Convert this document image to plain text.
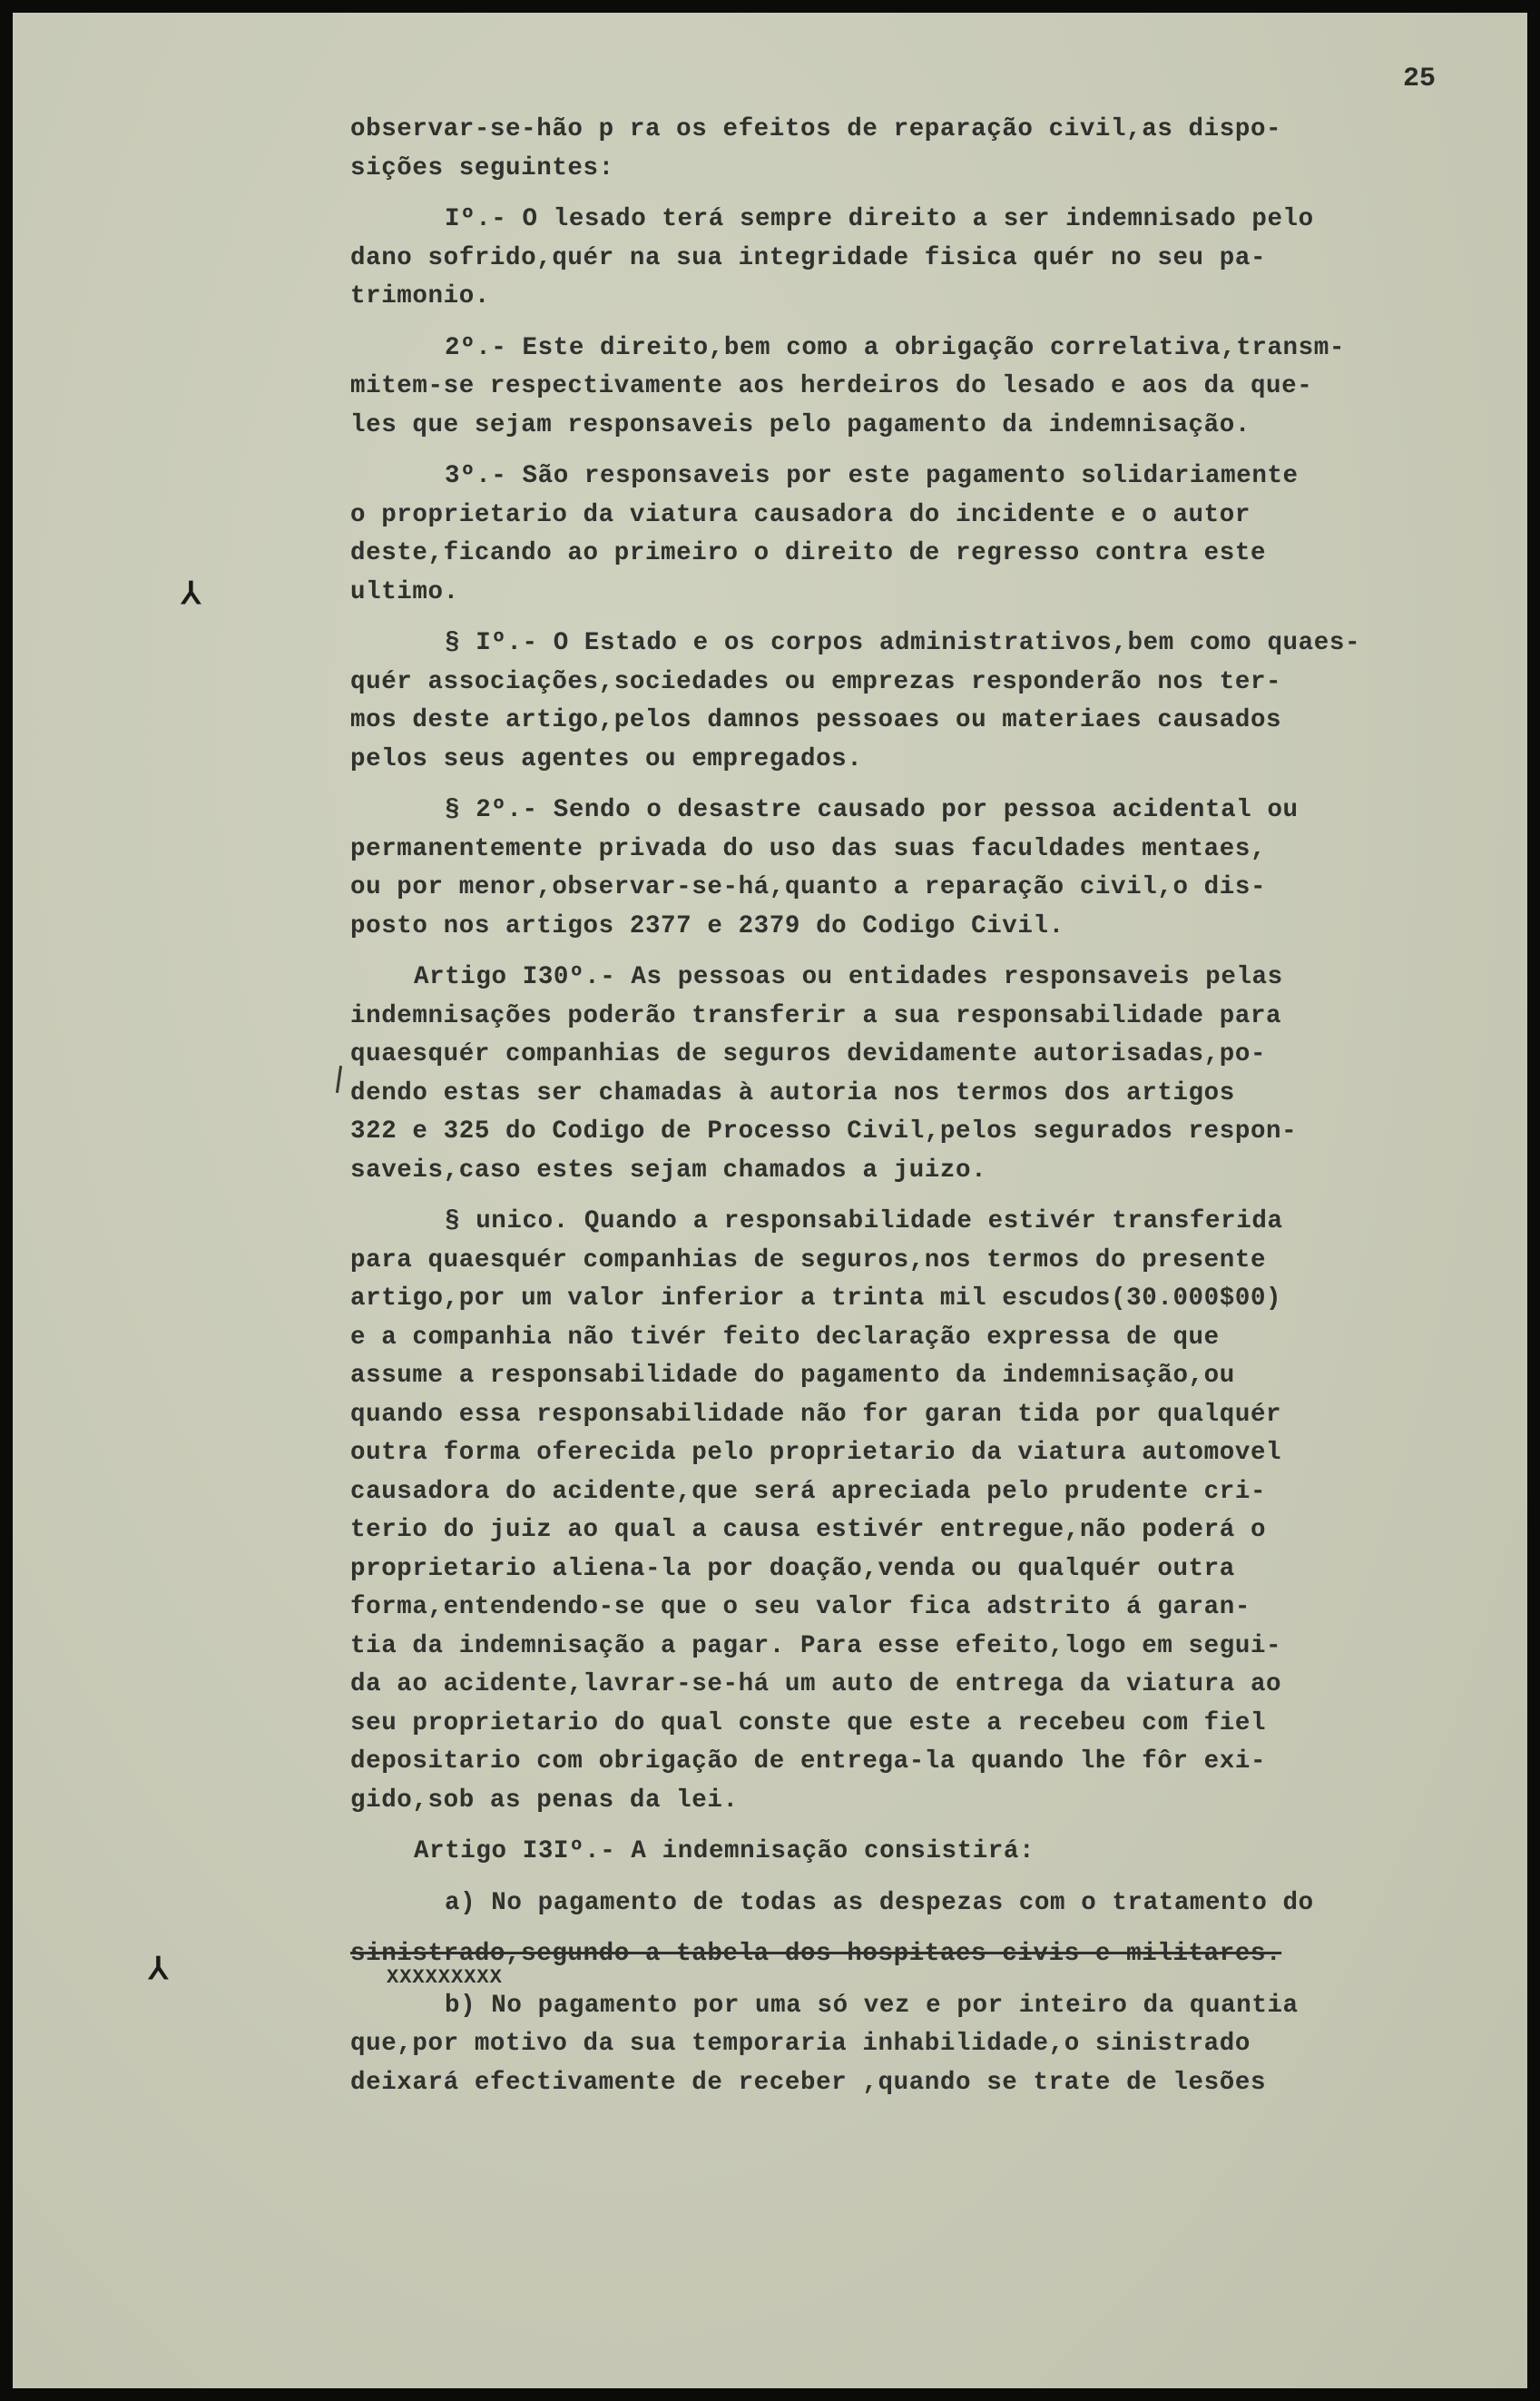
25
⅄
⅄
observar-se-hão p ra os efeitos de reparação civil,as dispo-
sições seguintes:
Iº.- O lesado terá sempre direito a ser indemnisado pelo
dano sofrido,quér na sua integridade fisica quér no seu pa-
trimonio.
2º.- Este direito,bem como a obrigação correlativa,transm-
mitem-se respectivamente aos herdeiros do lesado e aos da que-
les que sejam responsaveis pelo pagamento da indemnisação.
3º.- São responsaveis por este pagamento solidariamente
o proprietario da viatura causadora do incidente e o autor
deste,ficando ao primeiro o direito de regresso contra este
ultimo.
§ Iº.- O Estado e os corpos administrativos,bem como quaes-
quér associações,sociedades ou emprezas responderão nos ter-
mos deste artigo,pelos damnos pessoaes ou materiaes causados
pelos seus agentes ou empregados.
§ 2º.- Sendo o desastre causado por pessoa acidental ou
permanentemente privada do uso das suas faculdades mentaes,
ou por menor,observar-se-há,quanto a reparação civil,o dis-
posto nos artigos 2377 e 2379 do Codigo Civil.
Artigo I30º.- As pessoas ou entidades responsaveis pelas
indemnisações poderão transferir a sua responsabilidade para
quaesquér companhias de seguros devidamente autorisadas,po-
dendo estas ser chamadas à autoria nos termos dos artigos
322 e 325 do Codigo de Processo Civil,pelos segurados respon-
saveis,caso estes sejam chamados a juizo.
§ unico. Quando a responsabilidade estivér transferida
para quaesquér companhias de seguros,nos termos do presente
artigo,por um valor inferior a trinta mil escudos(30.000$00)
e a companhia não tivér feito declaração expressa de que
assume a responsabilidade do pagamento da indemnisação,ou
quando essa responsabilidade não for garan tida por qualquér
outra forma oferecida pelo proprietario da viatura automovel
causadora do acidente,que será apreciada pelo prudente cri-
terio do juiz ao qual a causa estivér entregue,não poderá o
proprietario aliena-la por doação,venda ou qualquér outra
forma,entendendo-se que o seu valor fica adstrito á garan-
tia da indemnisação a pagar. Para esse efeito,logo em segui-
da ao acidente,lavrar-se-há um auto de entrega da viatura ao
seu proprietario do qual conste que este a recebeu com fiel
depositario com obrigação de entrega-la quando lhe fôr exi-
gido,sob as penas da lei.
Artigo I3Iº.- A indemnisação consistirá:
a) No pagamento de todas as despezas com o tratamento do
sinistrado,segundo a tabela dos hospitaes civis e militares.
XXXXXXXXX
b) No pagamento por uma só vez e por inteiro da quantia
que,por motivo da sua temporaria inhabilidade,o sinistrado
deixará efectivamente de receber ,quando se trate de lesões
